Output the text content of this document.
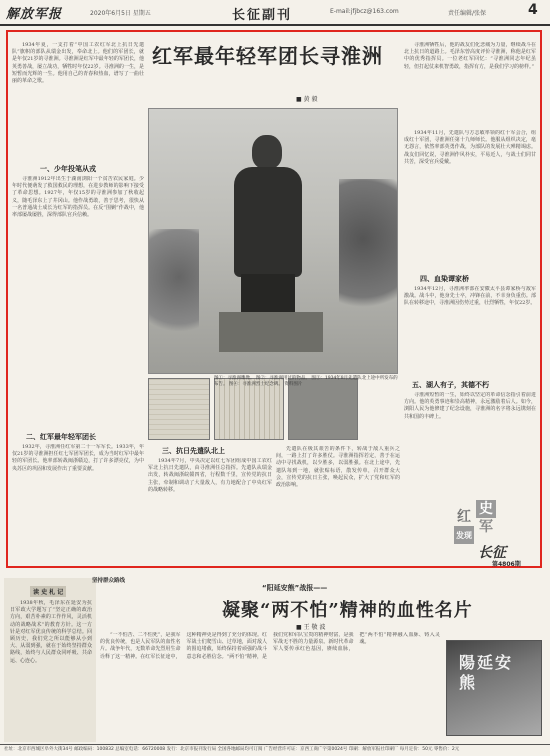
解放军报	2020年6月5日 星期五	长征副刊	E-mail:jfjbcz@163.com	责任编辑/张保	4
红军最年轻军团长寻淮洲
■ 黄 毅

1934年夏，一支打着“中国工农红军北上抗日先遣队”旗帜的部队从瑞金出发，奉命北上。他们的军团长，就是年仅21岁的寻淮洲。寻淮洲是红军中最年轻的军团长，他英勇善战，屡立战功，牺牲时年仅22岁。寻淮洲的一生，是短暂而光辉的一生。他用自己的青春和热血，谱写了一曲壮丽的革命之歌。

一、少年投笔从戎

寻淮洲1912年出生于湖南浏阳一个贫苦农民家庭。少年时代便萌发了救国救民的理想，在进步教师的影响下接受了革命思想。1927年，年仅15岁的寻淮洲参加了秋收起义，随毛泽东上了井冈山。他作战勇敢，善于思考，很快从一名普通战士成长为红军的指挥员。在反“围剿”作战中，他率部屡战屡胜，深得部队官兵信赖。

二、红军最年轻军团长

1932年，寻淮洲任红军第二十一军军长。1933年，年仅21岁的寻淮洲担任红七军团军团长，成为当时红军中最年轻的军团长。他率部转战闽浙赣边，打了许多漂亮仗，为中央苏区的巩固和发展作出了重要贡献。

图①：寻淮洲雕像。 图②：寻淮洲用过的物品。 图③：1934年8月先遣队北上途中所发布的布告。 图④：寻淮洲烈士纪念碑。 资料图片
三、抗日先遣队北上

1934年7月，中央决定以红七军团组成中国工农红军北上抗日先遣队，由寻淮洲任总指挥。先遣队从瑞金出发，转战闽浙皖赣四省，行程数千里，宣传党的抗日主张，牵制和调动了大量敌人，有力地配合了中央红军的战略转移。

先遣队在极其艰苦的条件下，转战于敌人重兵之间，一路上打了许多胜仗。寻淮洲指挥若定，善于在运动中寻找战机，以少胜多，以弱胜强。在北上途中，先遣队每到一地，就张贴标语，散发传单，召开群众大会，宣传党的抗日主张，唤起民众，扩大了党和红军的政治影响。

1934年11月，先遣队与方志敏率领的红十军会合，组成红十军团，寻淮洲任第十九师师长。他服从组织决定，毫无怨言，依然率部英勇作战，为部队的发展壮大殚精竭虑。战友们回忆说，寻淮洲作风朴实，平易近人，与战士们同甘共苦，深受官兵爱戴。

四、血染谭家桥

1934年12月，寻淮洲率部在安徽太平县谭家桥与敌军激战。战斗中，他身先士卒，冲锋在前，不幸身负重伤。部队在转移途中，寻淮洲因伤势过重，壮烈牺牲，年仅22岁。

五、湖人有子，其德不朽

寻淮洲短暂的一生，始终以坚定的革命信念指引着前进方向。他的英勇事迹和崇高精神，永远激励着后人。如今，浏阳人民为他修建了纪念设施，寻淮洲的名字将永远镌刻在共和国的丰碑上。

寻淮洲牺牲后，他的战友们化悲痛为力量，继续战斗在北上抗日的道路上。毛泽东曾高度评价寻淮洲，称他是红军中的优秀指挥员。一位老红军回忆：“寻淮洲同志年纪虽轻，但打起仗来机智勇敢，指挥有方，是我们学习的榜样。”

史
红
军
发现
长征
第4806期
读 史 札 记
坚持群众路线

1938年秋，毛泽东在延安为抗日军政大学题写了“坚定正确的政治方向，艰苦朴素的工作作风，灵活机动的战略战术”的教育方针。这一方针是对红军优良传统的科学总结。回顾历史，我们党之所以能够从小到大、从弱到强，就在于始终坚持群众路线，始终与人民群众同呼吸、共命运、心连心。

“阳延安熊”战报——
凝聚“两不怕”精神的血性名片
■ 王 敬 波

“一不怕苦、二不怕死”，是我军的优良传统，也是人民军队的血性名片。战争年代，无数革命先烈用生命诠释了这一精神。在红军长征途中，这种精神更是得到了充分的体现。红军战士们爬雪山、过草地，面对敌人的围追堵截，始终保持着顽强的战斗意志和必胜信念。“两不怕”精神，是我们党和军队宝贵的精神财富，是我军战无不胜的力量源泉。新时代革命军人要传承红色基因，赓续血脉，把“两不怕”精神融入血脉、铸入灵魂。

陽延安熊
社址：北京市西城区阜外大街34号 邮政编码：100832 总编室电话：66720008 发行：北京市报刊发行局 全国各地邮局均可订阅 广告经营许可证：京西工商广字第0024号 印刷：解放军报社印刷厂 每月定价：50元 零售价：2元
